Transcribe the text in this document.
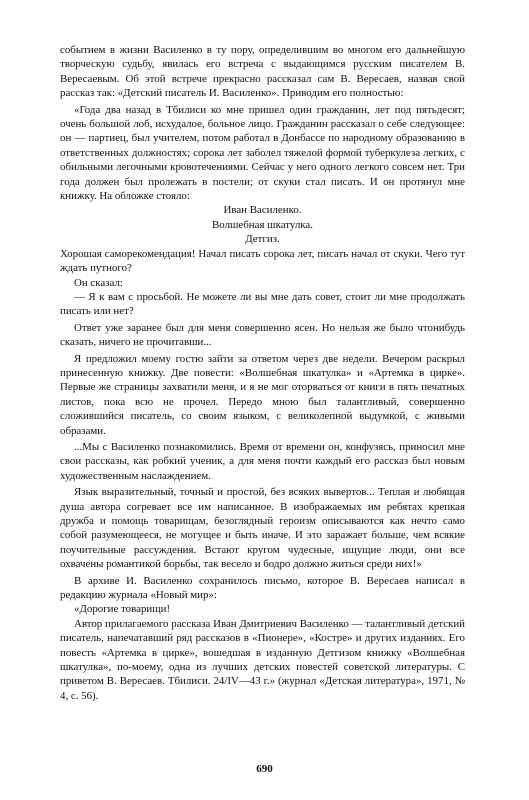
событием в жизни Василенко в ту пору, определившим во многом его дальнейшую творческую судьбу, явилась его встреча с выдающимся русским писателем В. Вересаевым. Об этой встрече прекрасно рассказал сам В. Вересаев, назвав свой рассказ так: «Детский писатель И. Василенко». Приводим его полностью:

«Года два назад в Тбилиси ко мне пришел один гражданин, лет под пятьдесят; очень большой лоб, исхудалое, больное лицо. Гражданин рассказал о себе следующее: он — партиец, был учителем, потом работал в Донбассе по народному образованию в ответственных должностях; сорока лет заболел тяжелой формой туберкулеза легких, с обильными легочными кровотечениями. Сейчас у него одного легкого совсем нет. Три года должен был пролежать в постели; от скуки стал писать. И он протянул мне книжку. На обложке стояло:

Иван Василенко.

Волшебная шкатулка.

Детгиз.

Хорошая саморекомендация! Начал писать сорока лет, писать начал от скуки. Чего тут ждать путного?

Он сказал:

— Я к вам с просьбой. Не можете ли вы мне дать совет, стоит ли мне продолжать писать или нет?

Ответ уже заранее был для меня совершенно ясен. Но нельзя же было чтонибудь сказать, ничего не прочитавши...

Я предложил моему гостю зайти за ответом через две недели. Вечером раскрыл принесенную книжку. Две повести: «Волшебная шкатулка» и «Артемка в цирке». Первые же страницы захватили меня, и я не мог оторваться от книги в пять печатных листов, пока всю не прочел. Передо мною был талантливый, совершенно сложившийся писатель, со своим языком, с великолепной выдумкой, с живыми образами.

...Мы с Василенко познакомились. Время от времени он, конфузясь, приносил мне свои рассказы, как робкий ученик, а для меня почти каждый его рассказ был новым художественным наслаждением.

Язык выразительный, точный и простой, без всяких вывертов... Теплая и любящая душа автора согревает все им написанное. В изображаемых им ребятах крепкая дружба и помощь товарищам, безоглядный героизм описываются как нечто само собой разумеющееся, не могущее и быть иначе. И это заражает больше, чем всякие поучительные рассуждения. Встают кругом чудесные, ищущие люди, они все охвачены романтикой борьбы, так весело и бодро должно житься среди них!»

В архиве И. Василенко сохранилось письмо, которое В. Вересаев написал в редакцию журнала «Новый мир»:

«Дорогие товарищи!

Автор прилагаемого рассказа Иван Дмитриевич Василенко — талантливый детский писатель, напечатавший ряд рассказов в «Пионере», «Костре» и других изданиях. Его повесть «Артемка в цирке», вошедшая в изданную Детгизом книжку «Волшебная шкатулка», по-моему, одна из лучших детских повестей советской литературы. С приветом В. Вересаев. Тбилиси. 24/IV—43 г.» (журнал «Детская литература», 1971, № 4, с. 56).

690
